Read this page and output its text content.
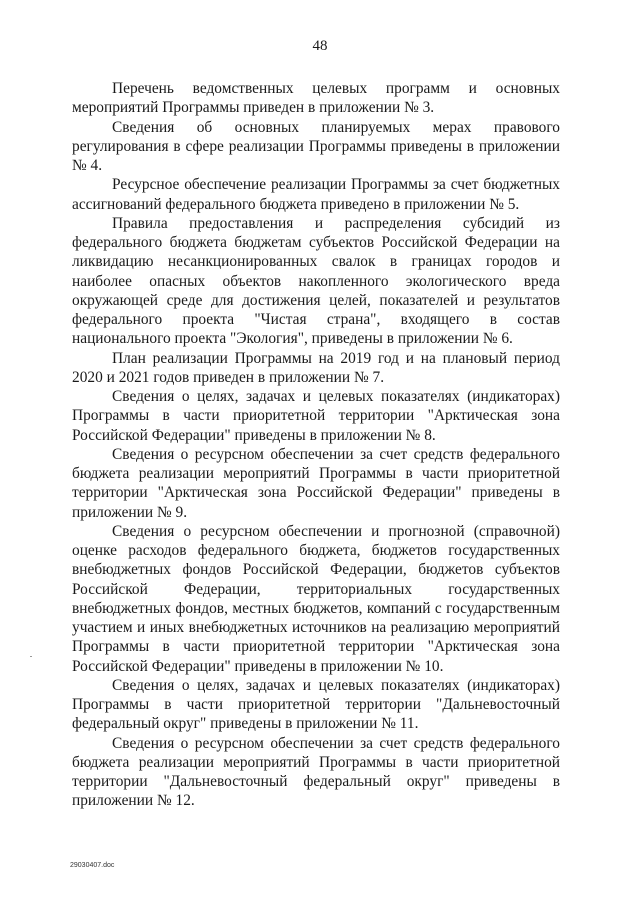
48

Перечень ведомственных целевых программ и основных мероприятий Программы приведен в приложении № 3.

Сведения об основных планируемых мерах правового регулирования в сфере реализации Программы приведены в приложении № 4.

Ресурсное обеспечение реализации Программы за счет бюджетных ассигнований федерального бюджета приведено в приложении № 5.

Правила предоставления и распределения субсидий из федерального бюджета бюджетам субъектов Российской Федерации на ликвидацию несанкционированных свалок в границах городов и наиболее опасных объектов накопленного экологического вреда окружающей среде для достижения целей, показателей и результатов федерального проекта "Чистая страна", входящего в состав национального проекта "Экология", приведены в приложении № 6.

План реализации Программы на 2019 год и на плановый период 2020 и 2021 годов приведен в приложении № 7.

Сведения о целях, задачах и целевых показателях (индикаторах) Программы в части приоритетной территории "Арктическая зона Российской Федерации" приведены в приложении № 8.

Сведения о ресурсном обеспечении за счет средств федерального бюджета реализации мероприятий Программы в части приоритетной территории "Арктическая зона Российской Федерации" приведены в приложении № 9.

Сведения о ресурсном обеспечении и прогнозной (справочной) оценке расходов федерального бюджета, бюджетов государственных внебюджетных фондов Российской Федерации, бюджетов субъектов Российской Федерации, территориальных государственных внебюджетных фондов, местных бюджетов, компаний с государственным участием и иных внебюджетных источников на реализацию мероприятий Программы в части приоритетной территории "Арктическая зона Российской Федерации" приведены в приложении № 10.

Сведения о целях, задачах и целевых показателях (индикаторах) Программы в части приоритетной территории "Дальневосточный федеральный округ" приведены в приложении № 11.

Сведения о ресурсном обеспечении за счет средств федерального бюджета реализации мероприятий Программы в части приоритетной территории "Дальневосточный федеральный округ" приведены в приложении № 12.

29030407.doc
